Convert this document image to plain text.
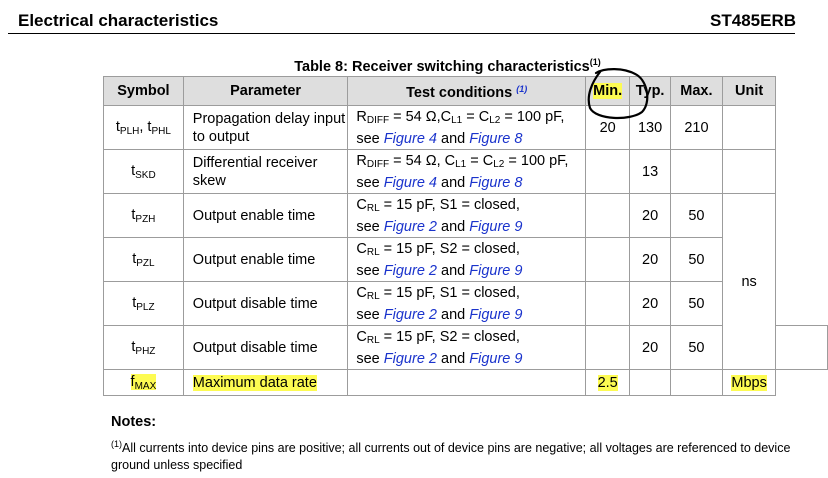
Electrical characteristics	ST485ERB
Table 8: Receiver switching characteristics$^{(1)}$
Symbol	Parameter	Test conditions $^{(1)}$	Min.	Typ.	Max.	Unit	
tPLH, tPHL	Propagation delay input to output	$R_{DIFF} = 54$ $\Omega,C_{L1} = C_{L2} = 100$ pF,
see Figure 4 and Figure 8	20	130	210		
tSKD	Differential receiver skew	$R_{DIFF} = 54$ Ω, $C_{L1} = C_{L2} = 100$ pF,
see Figure 4 and Figure 8		13			
tPZH	Output enable time	$C_{RL} = 15$ pF, S1 = closed,
see Figure 2 and Figure 9		20	50	ns	
tPZL	Output enable time	$C_{RL} = 15$ pF, S2 = closed,
see Figure 2 and Figure 9		20	50		
tPLZ	Output disable time	$C_{RL} = 15$ pF, S1 = closed,
see Figure 2 and Figure 9		20	50		
tPHZ	Output disable time	$C_{RL} = 15$ pF, S2 = closed,
see Figure 2 and Figure 9		20	50		
fMAX	Maximum data rate		2.5			Mbps	
Notes:
$^{(1)}$All currents into device pins are positive; all currents out of device pins are negative; all voltages are referenced to device ground unless specified
